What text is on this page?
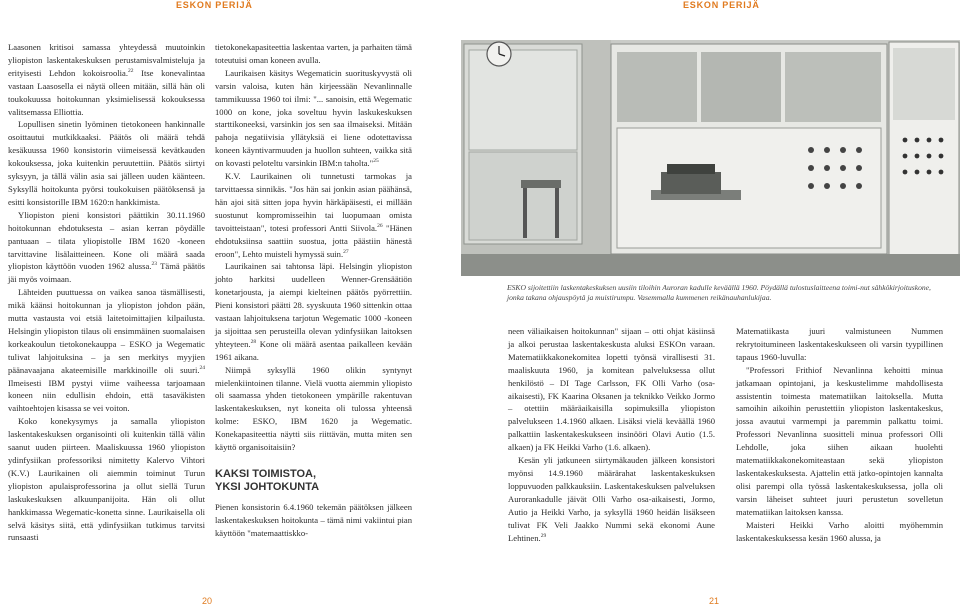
ESKON PERIJÄ	ESKON PERIJÄ

Laasonen kritisoi samassa yhteydessä muutoinkin yliopiston laskentakeskuksen perustamisvalmisteluja ja erityisesti Lehdon kokoisroolia.$^{22}$ Itse konevalintaa vastaan Laasosella ei näytä olleen mitään, sillä hän oli toukokuussa hoitokunnan yksimielisessä kokouksessa valitsemassa Elliottia.

Lopullisen sinetin lyöminen tietokoneen hankinnalle osoittautui mutkikkaaksi. Päätös oli määrä tehdä kesäkuussa 1960 konsistorin viimeisessä kevätkauden kokouksessa, joka kuitenkin peruutettiin. Päätös siirtyi syksyyn, ja tällä välin asia sai jälleen uuden käänteen. Syksyllä hoitokunta pyörsi toukokuisen päätöksensä ja esitti konsistorille IBM 1620:n hankkimista.

Yliopiston pieni konsistori päättikin 30.11.1960 hoitokunnan ehdotuksesta – asian kerran pöydälle pantuaan – tilata yliopistolle IBM 1620 -koneen tarvittavine lisälaitteineen. Kone oli määrä saada yliopiston käyttöön vuoden 1962 alussa.$^{23}$ Tämä päätös jäi myös voimaan.

Lähteiden puuttuessa on vaikea sanoa täsmällisesti, mikä käänsi hoitokunnan ja yliopiston johdon pään, mutta vastausta voi etsiä laitetoimittajien kilpailusta. Helsingin yliopiston tilaus oli ensimmäinen suomalaisen korkeakoulun tietokonekauppa – ESKO ja Wegematic tulivat lahjoituksina – ja sen merkitys myyjien päänavaajana akateemisille markkinoille oli suuri.$^{24}$ Ilmeisesti IBM pystyi viime vaiheessa tarjoamaan koneen niin edullisin ehdoin, että tasaväkisten vaihtoehtojen kisassa se vei voiton.

Koko konekysymys ja samalla yliopiston laskentakeskuksen organisointi oli kuitenkin tällä välin saanut uuden piirteen. Maaliskuussa 1960 yliopiston ydinfysiikan professoriksi nimitetty Kalervo Vihtori (K.V.) Laurikainen oli aiemmin toiminut Turun yliopiston apulaisprofessorina ja ollut siellä Turun laskukeskuksen alkuunpanijoita. Hän oli ollut hankkimassa Wegematic-konetta sinne. Laurikaisella oli selvä käsitys siitä, että ydinfysiikan tutkimus tarvitsi runsaasti

tietokonekapasiteettia laskentaa varten, ja parhaiten tämä toteutuisi oman koneen avulla.

Laurikaisen käsitys Wegematicin suorituskyvystä oli varsin valoisa, kuten hän kirjeessään Nevanlinnalle tammikuussa 1960 toi ilmi: "... sanoisin, että Wegematic 1000 on kone, joka soveltuu hyvin laskukeskuksen starttikoneeksi, varsinkin jos sen saa ilmaiseksi. Mitään pahoja negatiivisia yllätyksiä ei liene odotettavissa koneen käyntivarmuuden ja huollon suhteen, vaikka sitä on kovasti peloteltu varsinkin IBM:n taholta."$^{25}$

K.V. Laurikainen oli tunnetusti tarmokas ja tarvittaessa sinnikäs. "Jos hän sai jonkin asian päähänsä, hän ajoi sitä sitten jopa hyvin härkäpäisesti, ei millään suostunut kompromisseihin tai luopumaan omista tavoitteistaan", totesi professori Antti Siivola.$^{26}$ "Hänen ehdotuksiinsa saattiin suostua, jotta päästiin hänestä eroon", Lehto muisteli hymyssä suin.$^{27}$

Laurikainen sai tahtonsa läpi. Helsingin yliopiston johto harkitsi uudelleen Wenner-Grensäätiön konetarjousta, ja aiempi kielteinen päätös pyörrettiin. Pieni konsistori päätti 28. syyskuuta 1960 sittenkin ottaa vastaan lahjoituksena tarjotun Wegematic 1000 -koneen ja sijoittaa sen perusteilla olevan ydinfysiikan laitoksen yhteyteen.$^{28}$ Kone oli määrä asentaa paikalleen kevään 1961 aikana.

Niimpä syksyllä 1960 olikin syntynyt mielenkiintoinen tilanne. Vielä vuotta aiemmin yliopisto oli saamassa yhden tietokoneen ympärille rakentuvan laskentakeskuksen, nyt koneita oli tulossa yhteensä kolme: ESKO, IBM 1620 ja Wegematic. Konekapasiteettia näytti siis riittävän, mutta miten sen käyttö organisoitaisiin?

KAKSI TOIMISTOA,
YKSI JOHTOKUNTA

Pienen konsistorin 6.4.1960 tekemän päätöksen jälkeen laskentakeskuksen hoitokunta – tämä nimi vakiintui pian käyttöön "matemaattiskko-

ESKO sijoitettiin laskentakeskuksen uusiin tiloihin Auroran kadulle keväällä 1960. Pöydällä tulostuslaitteena toimi-nut sähkökirjoituskone, jonka takana ohjauspöytä ja muistirumpu. Vasemmalla kummenen reikänauhanlukijaa.

neen väliaikaisen hoitokunnan" sijaan – otti ohjat käsiinsä ja alkoi perustaa laskentakeskusta aluksi ESKOn varaan. Matematiikkakonekomitea lopetti työnsä virallisesti 31. maaliskuuta 1960, ja komitean palveluksessa ollut henkilöstö – DI Tage Carlsson, FK Olli Varho (osa-aikaisesti), FK Kaarina Oksanen ja teknikko Veikko Jormo – otettiin määräaikaisilla sopimuksilla yliopiston palvelukseen 1.4.1960 alkaen. Lisäksi vielä keväällä 1960 palkattiin laskentakeskukseen insinööri Olavi Autio (1.5. alkaen) ja FK Heikki Varho (1.6. alkaen).

Kesän yli jatkuneen siirtymäkauden jälkeen konsistori myönsi 14.9.1960 määrärahat laskentakeskuksen loppuvuoden palkkauksiin. Laskentakeskuksen palveluksen Aurorankadulle jäivät Olli Varho osa-aikaisesti, Jormo, Autio ja Heikki Varho, ja syksyllä 1960 heidän lisäkseen tulivat FK Veli Jaakko Nummi sekä ekonomi Aune Lehtinen.$^{29}$

Matematiikasta juuri valmistuneen Nummen rekrytoitumineen laskentakeskukseen oli varsin tyypillinen tapaus 1960-luvulla:

"Professori Frithiof Nevanlinna kehoitti minua jatkamaan opintojani, ja keskustelimme mahdollisesta assistentin toimesta matematiikan laitoksella. Mutta samoihin aikoihin perustettiin yliopiston laskentakeskus, jossa avautui varmempi ja paremmin palkattu toimi. Professori Nevanlinna suositteli minua professori Olli Lehdolle, joka siihen aikaan huolehti matematiikkakonekomiteastaan sekä yliopiston laskentakeskuksesta. Ajattelin että jatko-opintojen kannalta olisi parempi olla työssä laskentakeskuksessa, jolla oli varsin läheiset suhteet juuri perustetun sovelletun matematiikan laitoksen kanssa.

Maisteri Heikki Varho aloitti myöhemmin laskentakeskuksessa kesän 1960 alussa, ja

20	21
